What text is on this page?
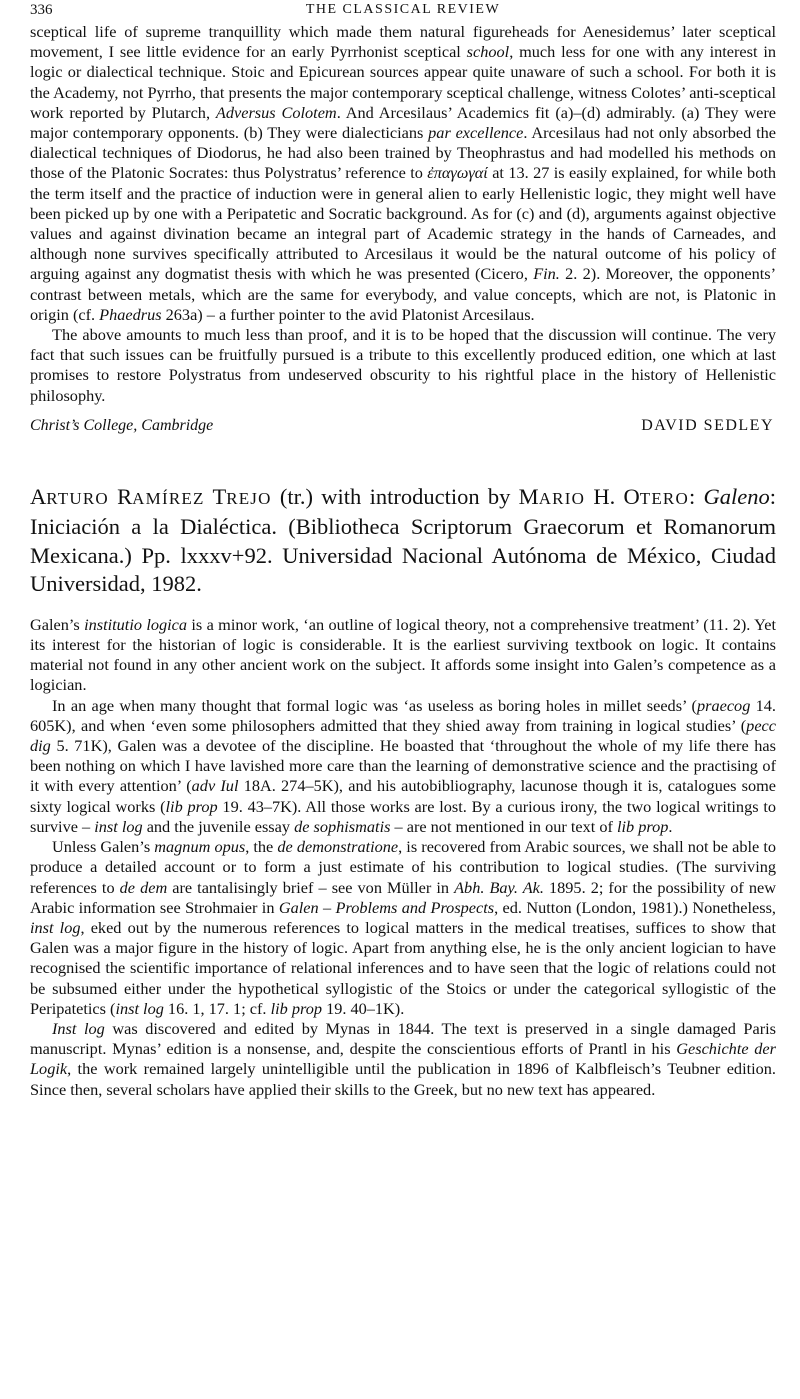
336	THE CLASSICAL REVIEW

sceptical life of supreme tranquillity which made them natural figureheads for Aenesidemus’ later sceptical movement, I see little evidence for an early Pyrrhonist sceptical school, much less for one with any interest in logic or dialectical technique. Stoic and Epicurean sources appear quite unaware of such a school. For both it is the Academy, not Pyrrho, that presents the major contemporary sceptical challenge, witness Colotes’ anti-sceptical work reported by Plutarch, Adversus Colotem. And Arcesilaus’ Academics fit (a)–(d) admirably. (a) They were major contemporary opponents. (b) They were dialecticians par excellence. Arcesilaus had not only absorbed the dialectical techniques of Diodorus, he had also been trained by Theophrastus and had modelled his methods on those of the Platonic Socrates: thus Polystratus’ reference to ἐπαγωγαί at 13. 27 is easily explained, for while both the term itself and the practice of induction were in general alien to early Hellenistic logic, they might well have been picked up by one with a Peripatetic and Socratic background. As for (c) and (d), arguments against objective values and against divination became an integral part of Academic strategy in the hands of Carneades, and although none survives specifically attributed to Arcesilaus it would be the natural outcome of his policy of arguing against any dogmatist thesis with which he was presented (Cicero, Fin. 2. 2). Moreover, the opponents’ contrast between metals, which are the same for everybody, and value concepts, which are not, is Platonic in origin (cf. Phaedrus 263a) – a further pointer to the avid Platonist Arcesilaus.

The above amounts to much less than proof, and it is to be hoped that the discussion will continue. The very fact that such issues can be fruitfully pursued is a tribute to this excellently produced edition, one which at last promises to restore Polystratus from undeserved obscurity to his rightful place in the history of Hellenistic philosophy.

Christ’s College, Cambridge	DAVID SEDLEY
ARTURO RAMÍREZ TREJO (tr.) with introduction by MARIO H. OTERO: Galeno: Iniciación a la Dialéctica. (Bibliotheca Scriptorum Graecorum et Romanorum Mexicana.) Pp. lxxxv+92. Universidad Nacional Autónoma de México, Ciudad Universidad, 1982.

Galen’s institutio logica is a minor work, ‘an outline of logical theory, not a comprehensive treatment’ (11. 2). Yet its interest for the historian of logic is considerable. It is the earliest surviving textbook on logic. It contains material not found in any other ancient work on the subject. It affords some insight into Galen’s competence as a logician.

In an age when many thought that formal logic was ‘as useless as boring holes in millet seeds’ (praecog 14. 605K), and when ‘even some philosophers admitted that they shied away from training in logical studies’ (pecc dig 5. 71K), Galen was a devotee of the discipline. He boasted that ‘throughout the whole of my life there has been nothing on which I have lavished more care than the learning of demonstrative science and the practising of it with every attention’ (adv Iul 18A. 274–5K), and his autobibliography, lacunose though it is, catalogues some sixty logical works (lib prop 19. 43–7K). All those works are lost. By a curious irony, the two logical writings to survive – inst log and the juvenile essay de sophismatis – are not mentioned in our text of lib prop.

Unless Galen’s magnum opus, the de demonstratione, is recovered from Arabic sources, we shall not be able to produce a detailed account or to form a just estimate of his contribution to logical studies. (The surviving references to de dem are tantalisingly brief – see von Müller in Abh. Bay. Ak. 1895. 2; for the possibility of new Arabic information see Strohmaier in Galen – Problems and Prospects, ed. Nutton (London, 1981).) Nonetheless, inst log, eked out by the numerous references to logical matters in the medical treatises, suffices to show that Galen was a major figure in the history of logic. Apart from anything else, he is the only ancient logician to have recognised the scientific importance of relational inferences and to have seen that the logic of relations could not be subsumed either under the hypothetical syllogistic of the Stoics or under the categorical syllogistic of the Peripatetics (inst log 16. 1, 17. 1; cf. lib prop 19. 40–1K).

Inst log was discovered and edited by Mynas in 1844. The text is preserved in a single damaged Paris manuscript. Mynas’ edition is a nonsense, and, despite the conscientious efforts of Prantl in his Geschichte der Logik, the work remained largely unintelligible until the publication in 1896 of Kalbfleisch’s Teubner edition. Since then, several scholars have applied their skills to the Greek, but no new text has appeared.
